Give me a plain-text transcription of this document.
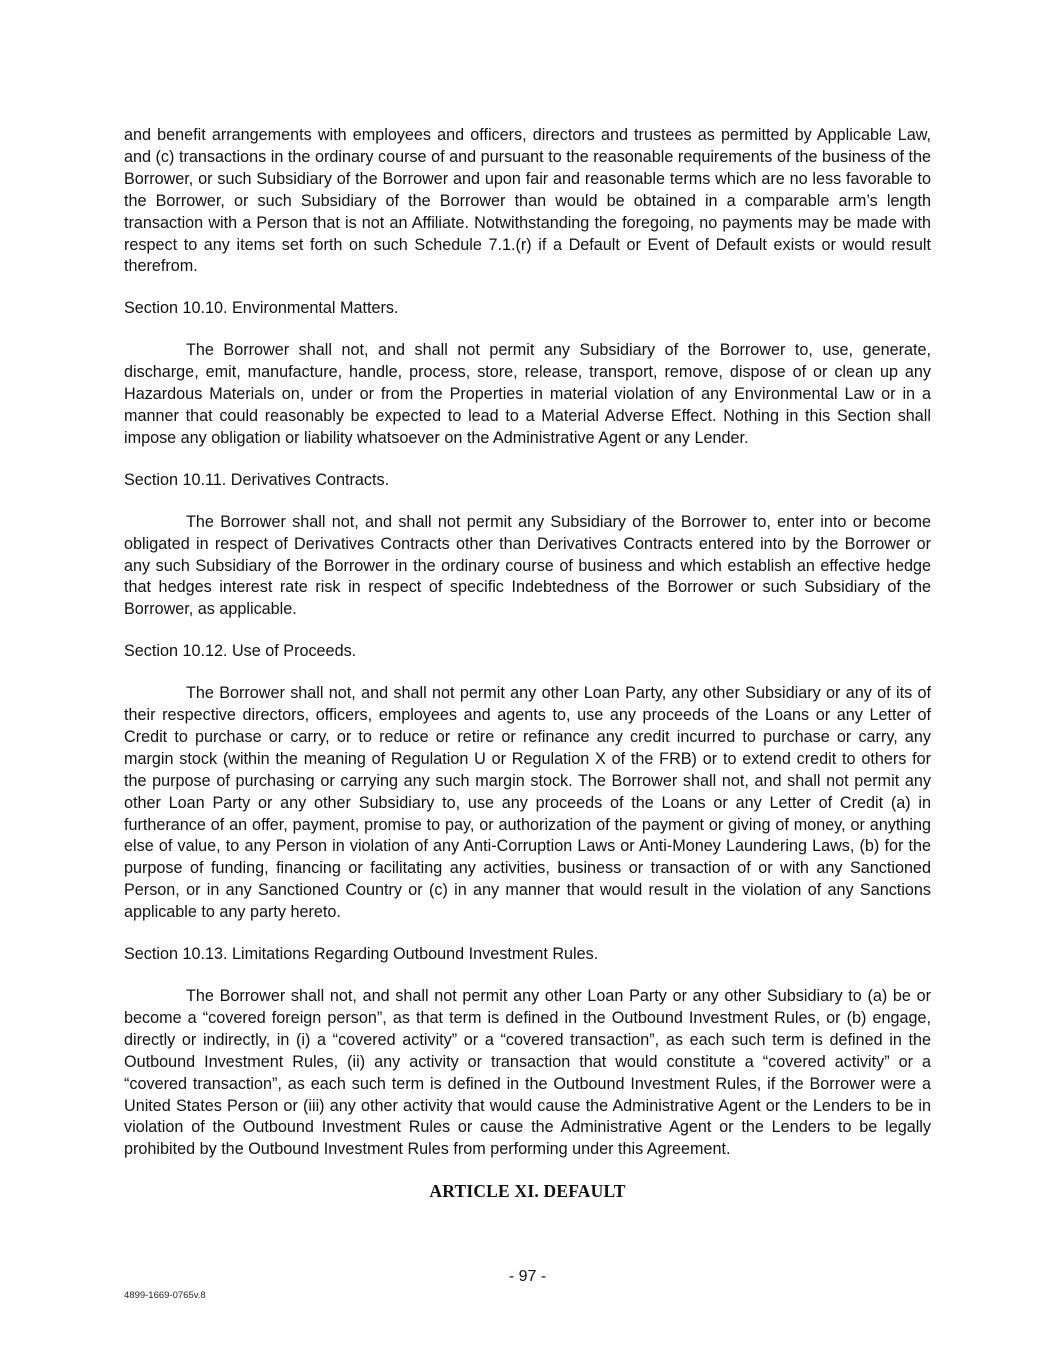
and benefit arrangements with employees and officers, directors and trustees as permitted by Applicable Law, and (c) transactions in the ordinary course of and pursuant to the reasonable requirements of the business of the Borrower, or such Subsidiary of the Borrower and upon fair and reasonable terms which are no less favorable to the Borrower, or such Subsidiary of the Borrower than would be obtained in a comparable arm’s length transaction with a Person that is not an Affiliate. Notwithstanding the foregoing, no payments may be made with respect to any items set forth on such Schedule 7.1.(r) if a Default or Event of Default exists or would result therefrom.

Section 10.10. Environmental Matters.

The Borrower shall not, and shall not permit any Subsidiary of the Borrower to, use, generate, discharge, emit, manufacture, handle, process, store, release, transport, remove, dispose of or clean up any Hazardous Materials on, under or from the Properties in material violation of any Environmental Law or in a manner that could reasonably be expected to lead to a Material Adverse Effect. Nothing in this Section shall impose any obligation or liability whatsoever on the Administrative Agent or any Lender.

Section 10.11. Derivatives Contracts.

The Borrower shall not, and shall not permit any Subsidiary of the Borrower to, enter into or become obligated in respect of Derivatives Contracts other than Derivatives Contracts entered into by the Borrower or any such Subsidiary of the Borrower in the ordinary course of business and which establish an effective hedge that hedges interest rate risk in respect of specific Indebtedness of the Borrower or such Subsidiary of the Borrower, as applicable.

Section 10.12. Use of Proceeds.

The Borrower shall not, and shall not permit any other Loan Party, any other Subsidiary or any of its of their respective directors, officers, employees and agents to, use any proceeds of the Loans or any Letter of Credit to purchase or carry, or to reduce or retire or refinance any credit incurred to purchase or carry, any margin stock (within the meaning of Regulation U or Regulation X of the FRB) or to extend credit to others for the purpose of purchasing or carrying any such margin stock. The Borrower shall not, and shall not permit any other Loan Party or any other Subsidiary to, use any proceeds of the Loans or any Letter of Credit (a) in furtherance of an offer, payment, promise to pay, or authorization of the payment or giving of money, or anything else of value, to any Person in violation of any Anti-Corruption Laws or Anti-Money Laundering Laws, (b) for the purpose of funding, financing or facilitating any activities, business or transaction of or with any Sanctioned Person, or in any Sanctioned Country or (c) in any manner that would result in the violation of any Sanctions applicable to any party hereto.

Section 10.13. Limitations Regarding Outbound Investment Rules.

The Borrower shall not, and shall not permit any other Loan Party or any other Subsidiary to (a) be or become a “covered foreign person”, as that term is defined in the Outbound Investment Rules, or (b) engage, directly or indirectly, in (i) a “covered activity” or a “covered transaction”, as each such term is defined in the Outbound Investment Rules, (ii) any activity or transaction that would constitute a “covered activity” or a “covered transaction”, as each such term is defined in the Outbound Investment Rules, if the Borrower were a United States Person or (iii) any other activity that would cause the Administrative Agent or the Lenders to be in violation of the Outbound Investment Rules or cause the Administrative Agent or the Lenders to be legally prohibited by the Outbound Investment Rules from performing under this Agreement.

ARTICLE XI. DEFAULT

- 97 -
4899-1669-0765v.8
